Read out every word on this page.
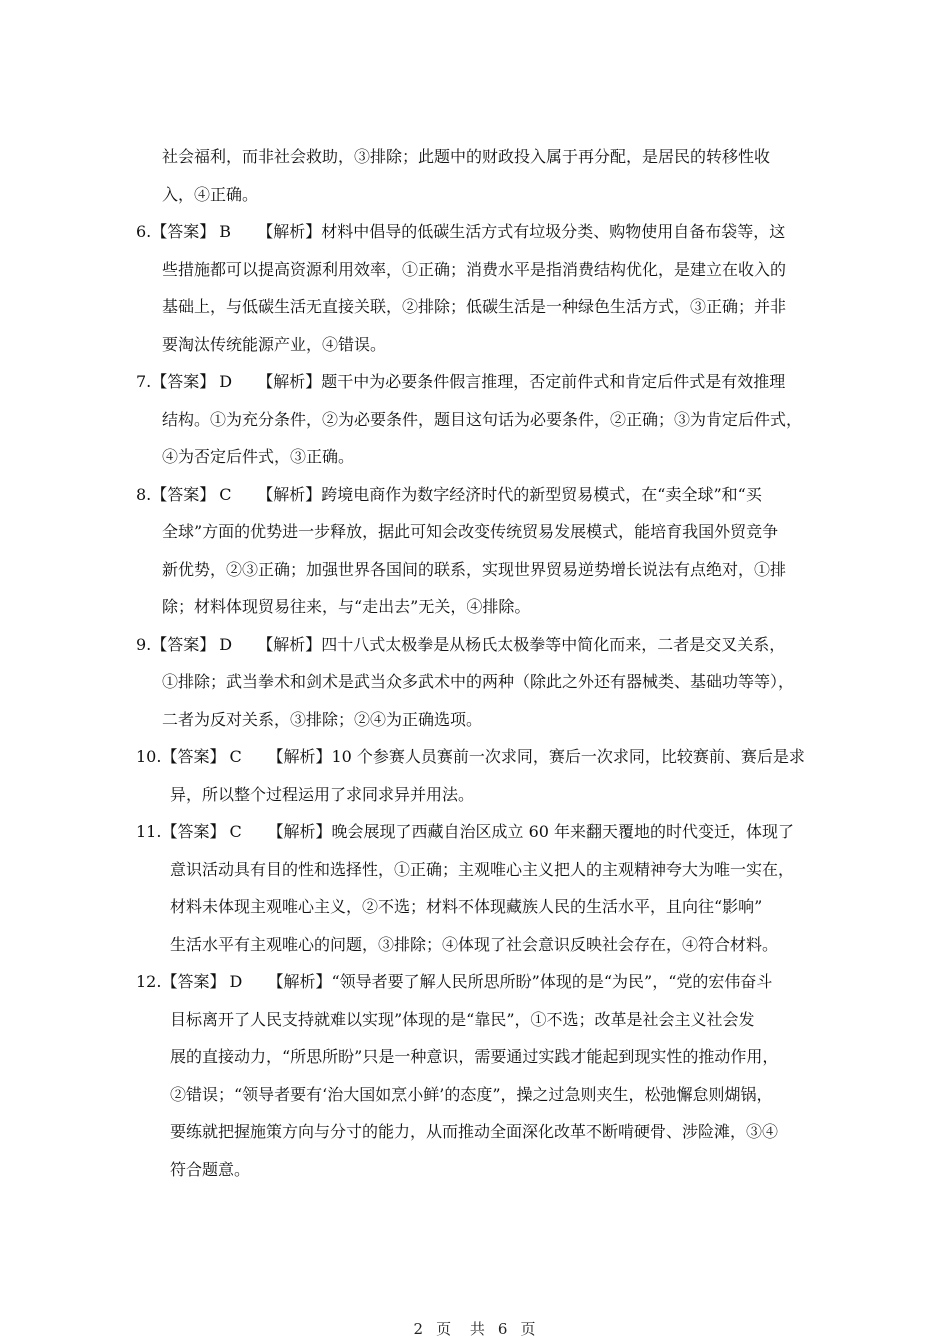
社会福利，而非社会救助，③排除；此题中的财政投入属于再分配，是居民的转移性收
入，④正确。
6.【答案】 B 【解析】材料中倡导的低碳生活方式有垃圾分类、购物使用自备布袋等，这
些措施都可以提高资源利用效率，①正确；消费水平是指消费结构优化，是建立在收入的
基础上，与低碳生活无直接关联，②排除；低碳生活是一种绿色生活方式，③正确；并非
要淘汰传统能源产业，④错误。
7.【答案】 D 【解析】题干中为必要条件假言推理，否定前件式和肯定后件式是有效推理
结构。①为充分条件，②为必要条件，题目这句话为必要条件，②正确；③为肯定后件式，
④为否定后件式，③正确。
8.【答案】 C 【解析】跨境电商作为数字经济时代的新型贸易模式，在“卖全球”和“买
全球”方面的优势进一步释放，据此可知会改变传统贸易发展模式，能培育我国外贸竞争
新优势，②③正确；加强世界各国间的联系，实现世界贸易逆势增长说法有点绝对，①排
除；材料体现贸易往来，与“走出去”无关，④排除。
9.【答案】 D 【解析】四十八式太极拳是从杨氏太极拳等中简化而来，二者是交叉关系，
①排除；武当拳术和剑术是武当众多武术中的两种（除此之外还有器械类、基础功等等），
二者为反对关系，③排除；②④为正确选项。
10.【答案】 C 【解析】10 个参赛人员赛前一次求同，赛后一次求同，比较赛前、赛后是求
异，所以整个过程运用了求同求异并用法。
11.【答案】 C 【解析】晚会展现了西藏自治区成立 60 年来翻天覆地的时代变迁，体现了
意识活动具有目的性和选择性，①正确；主观唯心主义把人的主观精神夸大为唯一实在，
材料未体现主观唯心主义，②不选；材料不体现藏族人民的生活水平，且向往“影响”
生活水平有主观唯心的问题，③排除；④体现了社会意识反映社会存在，④符合材料。
12.【答案】 D 【解析】“领导者要了解人民所思所盼”体现的是“为民”，“党的宏伟奋斗
目标离开了人民支持就难以实现”体现的是“靠民”，①不选；改革是社会主义社会发
展的直接动力，“所思所盼”只是一种意识，需要通过实践才能起到现实性的推动作用，
②错误；“领导者要有‘治大国如烹小鲜’的态度”，操之过急则夹生，松弛懈怠则煳锅，
要练就把握施策方向与分寸的能力，从而推动全面深化改革不断啃硬骨、涉险滩，③④
符合题意。
2 页 共 6 页
